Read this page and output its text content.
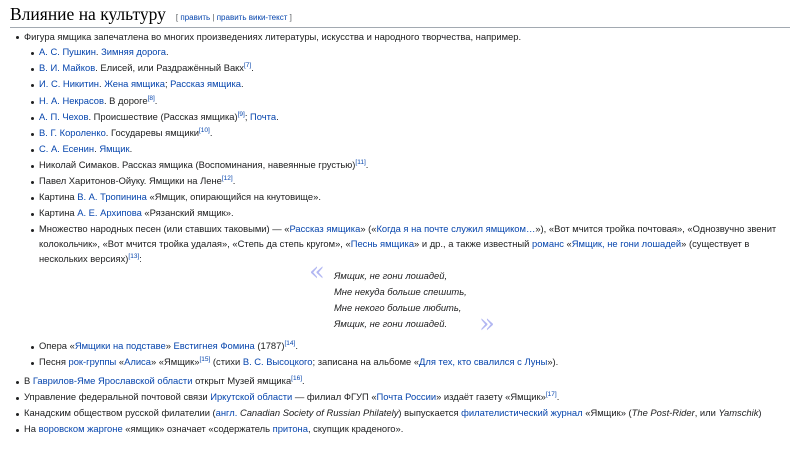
Влияние на культуру [ править | править вики-текст ]
Фигура ямщика запечатлена во многих произведениях литературы, искусства и народного творчества, например.
А. С. Пушкин. Зимняя дорога.
В. И. Майков. Елисей, или Раздражённый Вакх[7].
И. С. Никитин. Жена ямщика; Рассказ ямщика.
Н. А. Некрасов. В дороге[8].
А. П. Чехов. Происшествие (Рассказ ямщика)[9]; Почта.
В. Г. Короленко. Государевы ямщики[10].
С. А. Есенин. Ямщик.
Николай Симаков. Рассказ ямщика (Воспоминания, навеянные грустью)[11].
Павел Харитонов-Ойуку. Ямщики на Лене[12].
Картина В. А. Тропинина «Ямщик, опирающийся на кнутовище».
Картина А. Е. Архипова «Рязанский ямщик».
Множество народных песен (или ставших таковыми) — «Рассказ ямщика» («Когда я на почте служил ямщиком…»), «Вот мчится тройка почтовая», «Однозвучно звенит
колокольчик», «Вот мчится тройка удалая», «Степь да степь кругом», «Песнь ямщика» и др., а также известный романс «Ямщик, не гони лошадей» (существует в
нескольких версиях)[13]:	« Ямщик, не гони лошадей,
Мне некуда больше спешить,
Мне некого больше любить,
Ямщик, не гони лошадей. »
Опера «Ямщики на подставе» Евстигнея Фомина (1787)[14].
Песня рок-группы «Алиса» «Ямщик»[15] (стихи В. С. Высоцкого; записана на альбоме «Для тех, кто свалился с Луны»).
В Гаврилов-Яме Ярославской области открыт Музей ямщика[16].
Управление федеральной почтовой связи Иркутской области — филиал ФГУП «Почта России» издаёт газету «Ямщик»[17].
Канадским обществом русской филателии (англ. Canadian Society of Russian Philately) выпускается филателистический журнал «Ямщик» (The Post-Rider, или Yamschik)
На воровском жаргоне «ямщик» означает «содержатель притона, скупщик краденого».
